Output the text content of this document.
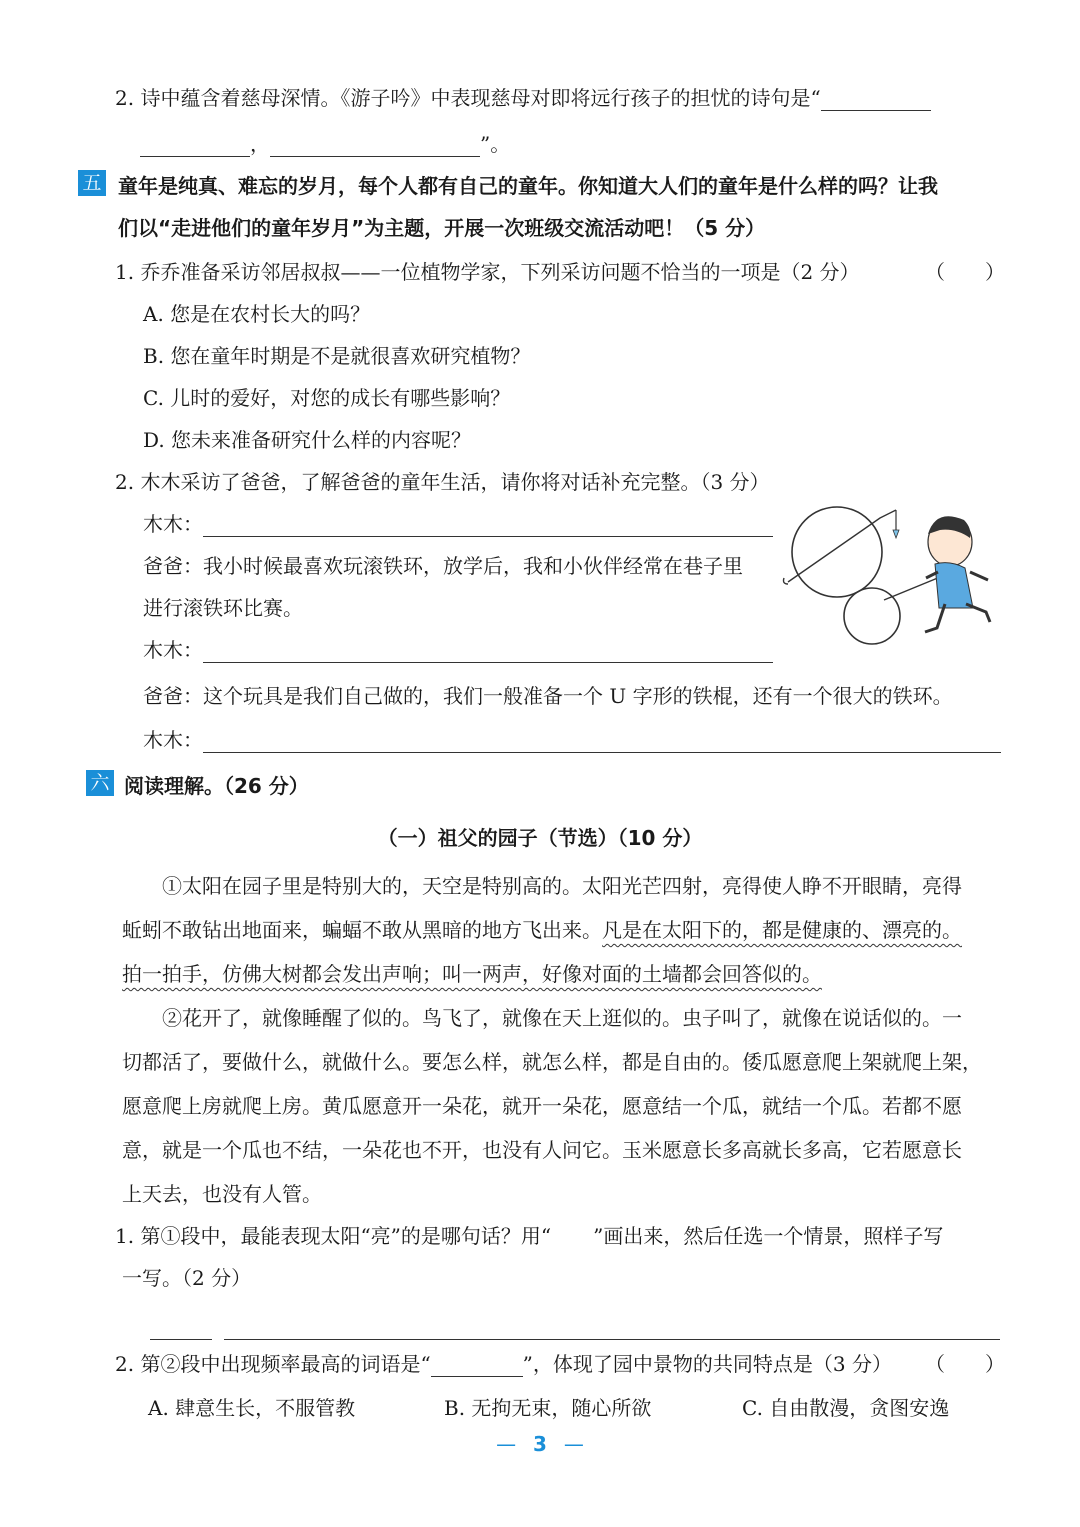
2. 诗中蕴含着慈母深情。《游子吟》中表现慈母对即将远行孩子的担忧的诗句是“
，	”。
五 童年是纯真、难忘的岁月，每个人都有自己的童年。你知道大人们的童年是什么样的吗？让我
们以“走进他们的童年岁月”为主题，开展一次班级交流活动吧！（5 分）
1. 乔乔准备采访邻居叔叔——一位植物学家，下列采访问题不恰当的一项是（2 分）	（　　）
A. 您是在农村长大的吗？
B. 您在童年时期是不是就很喜欢研究植物？
C. 儿时的爱好，对您的成长有哪些影响？
D. 您未来准备研究什么样的内容呢？
2. 木木采访了爸爸，了解爸爸的童年生活，请你将对话补充完整。（3 分）
木木：
爸爸：我小时候最喜欢玩滚铁环，放学后，我和小伙伴经常在巷子里
进行滚铁环比赛。
木木：
爸爸：这个玩具是我们自己做的，我们一般准备一个 U 字形的铁棍，还有一个很大的铁环。
木木：
六 阅读理解。（26 分）
（一）祖父的园子（节选）（10 分）
①太阳在园子里是特别大的，天空是特别高的。太阳光芒四射，亮得使人睁不开眼睛，亮得
蚯蚓不敢钻出地面来，蝙蝠不敢从黑暗的地方飞出来。凡是在太阳下的，都是健康的、漂亮的。
拍一拍手，仿佛大树都会发出声响；叫一两声，好像对面的土墙都会回答似的。
②花开了，就像睡醒了似的。鸟飞了，就像在天上逛似的。虫子叫了，就像在说话似的。一
切都活了，要做什么，就做什么。要怎么样，就怎么样，都是自由的。倭瓜愿意爬上架就爬上架，
愿意爬上房就爬上房。黄瓜愿意开一朵花，就开一朵花，愿意结一个瓜，就结一个瓜。若都不愿
意，就是一个瓜也不结，一朵花也不开，也没有人问它。玉米愿意长多高就长多高，它若愿意长
上天去，也没有人管。
1. 第①段中，最能表现太阳“亮”的是哪句话？用“ ”画出来，然后任选一个情景，照样子写
一写。（2 分）
2. 第②段中出现频率最高的词语是“	”，体现了园中景物的共同特点是（3 分） （　　）
A. 肆意生长，不服管教	B. 无拘无束，随心所欲	C. 自由散漫，贪图安逸
— 3 —
